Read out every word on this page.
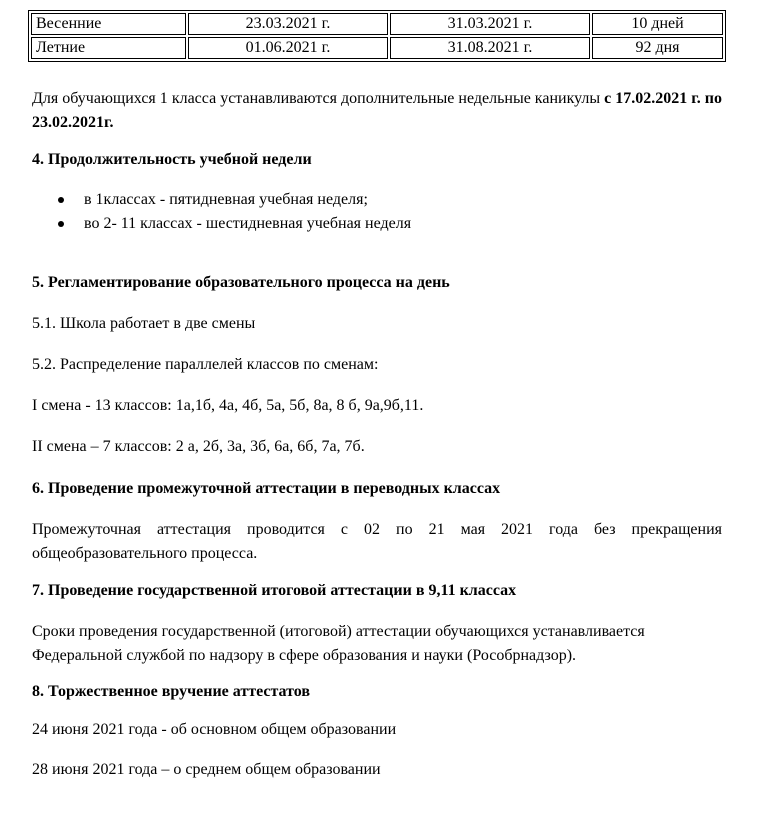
Весенние	23.03.2021 г.	31.03.2021 г.	10 дней
Летние	01.06.2021 г.	31.08.2021 г.	92 дня
Для обучающихся 1 класса устанавливаются дополнительные недельные каникулы с 17.02.2021 г. по 23.02.2021г.
4. Продолжительность учебной недели
в 1классах - пятидневная учебная неделя;
во 2- 11 классах - шестидневная учебная неделя
5. Регламентирование образовательного процесса на день
5.1. Школа работает в две смены
5.2. Распределение параллелей классов по сменам:
I смена - 13 классов: 1а,1б, 4а, 4б, 5а, 5б, 8а, 8 б, 9а,9б,11.
II смена – 7 классов: 2 а, 2б, 3а, 3б, 6а, 6б, 7а, 7б.
6. Проведение промежуточной аттестации в переводных классах
Промежуточная аттестация проводится с 02 по 21 мая 2021 года без прекращения общеобразовательного процесса.
7. Проведение государственной итоговой аттестации в 9,11 классах
Сроки проведения государственной (итоговой) аттестации обучающихся устанавливается
Федеральной службой по надзору в сфере образования и науки (Рособрнадзор).
8. Торжественное вручение аттестатов
24 июня 2021 года - об основном общем образовании
28 июня 2021 года – о среднем общем образовании
